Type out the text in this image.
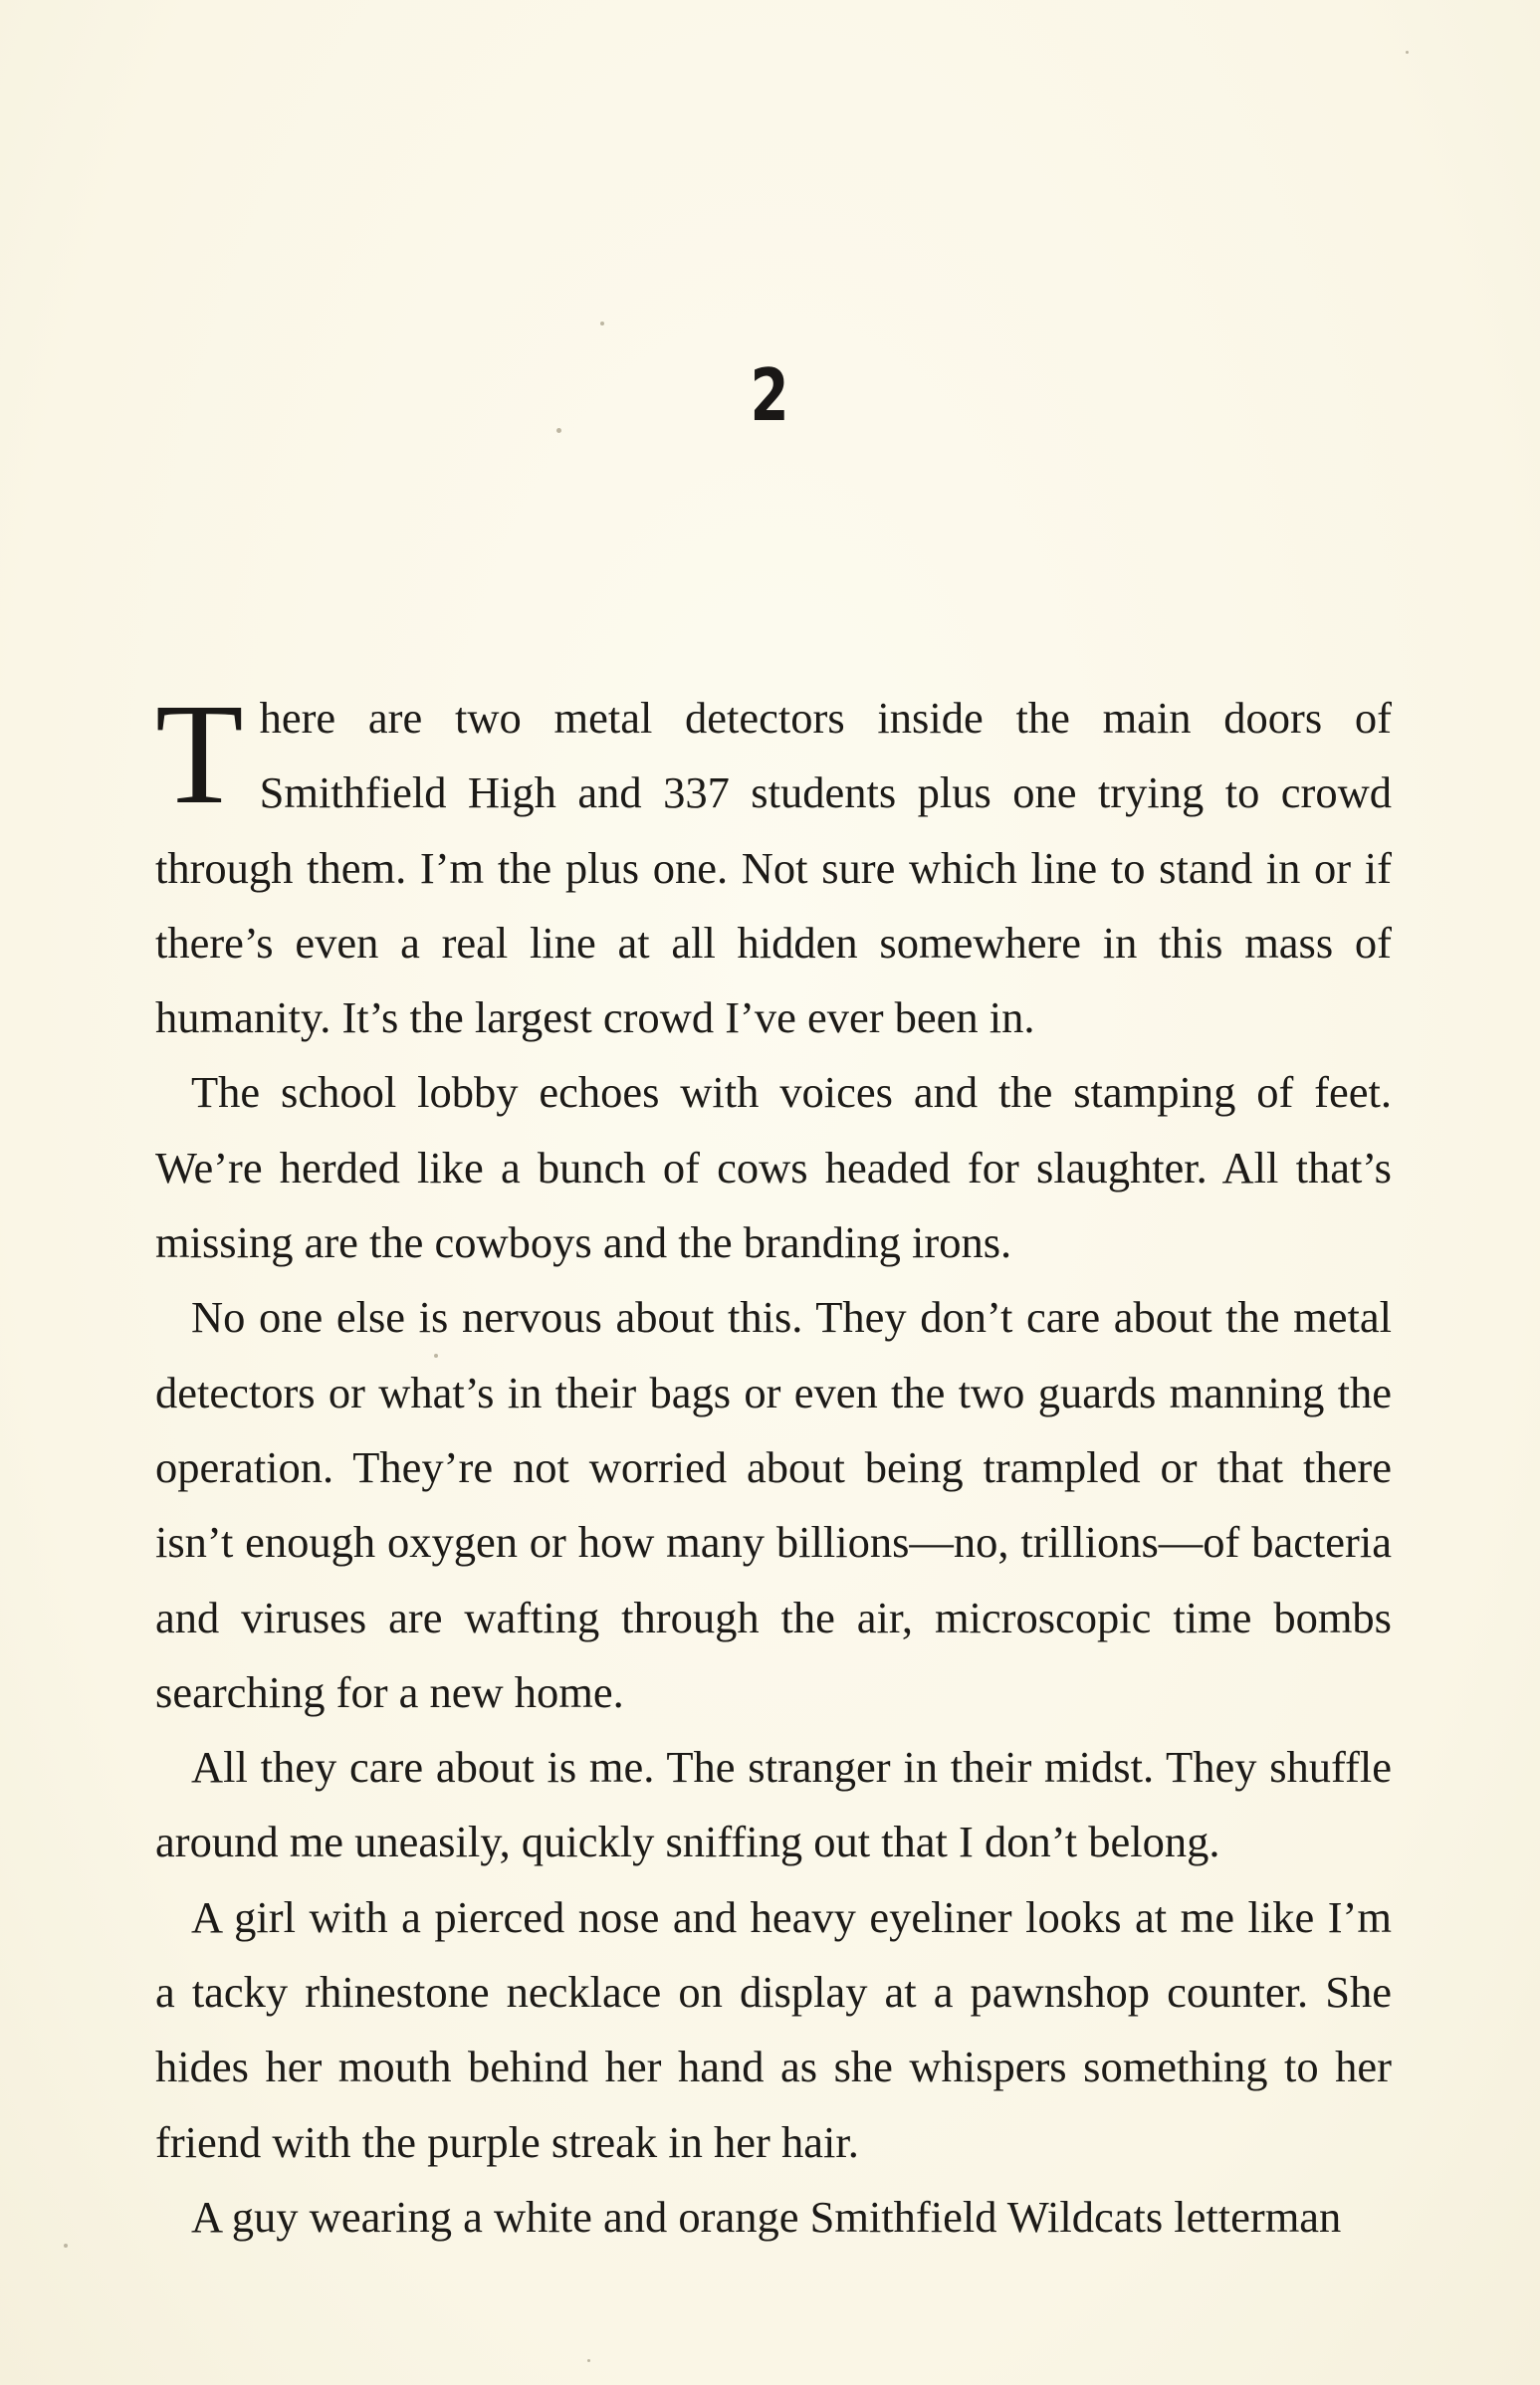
2

There are two metal detectors inside the main doors of Smithfield High and 337 students plus one trying to crowd through them. I’m the plus one. Not sure which line to stand in or if there’s even a real line at all hidden somewhere in this mass of humanity. It’s the largest crowd I’ve ever been in.

The school lobby echoes with voices and the stamping of feet. We’re herded like a bunch of cows headed for slaughter. All that’s missing are the cowboys and the branding irons.

No one else is nervous about this. They don’t care about the metal detectors or what’s in their bags or even the two guards manning the operation. They’re not worried about being trampled or that there isn’t enough oxygen or how many billions—no, trillions—of bacteria and viruses are wafting through the air, microscopic time bombs searching for a new home.

All they care about is me. The stranger in their midst. They shuffle around me uneasily, quickly sniffing out that I don’t belong.

A girl with a pierced nose and heavy eyeliner looks at me like I’m a tacky rhinestone necklace on display at a pawnshop counter. She hides her mouth behind her hand as she whispers something to her friend with the purple streak in her hair.

A guy wearing a white and orange Smithfield Wildcats letterman
